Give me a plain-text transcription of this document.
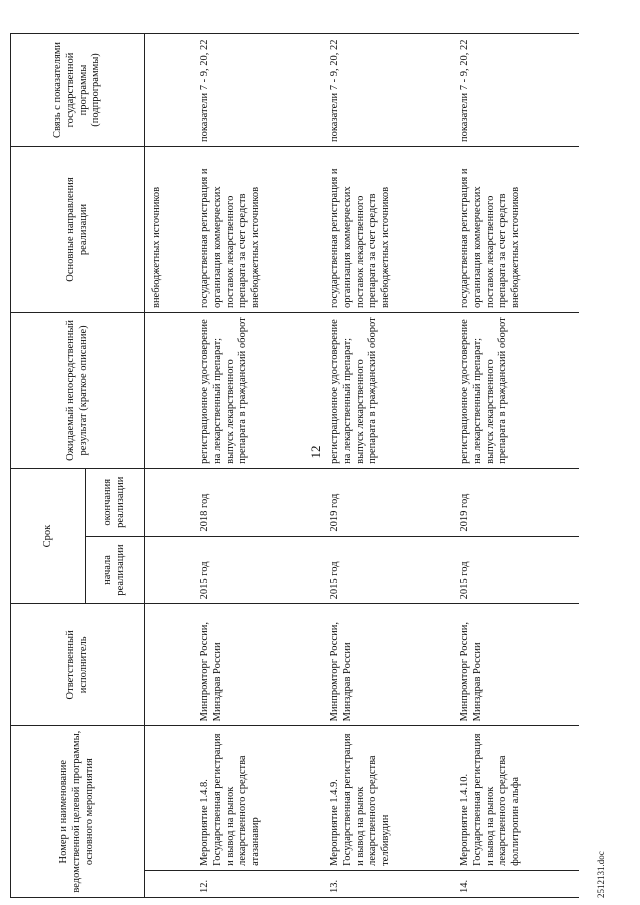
12
2512131.doc
Номер и наименование ведомственной целевой программы, основного мероприятия		Ответственный исполнитель	Срок		Ожидаемый непосредственный результат (краткое описание)	Основные направления реализации	Связь с показателями государственной программы (подпрограммы)
			начала реализации	окончания реализации			
						внебюджетных источников	
12.	Мероприятие 1.4.8. Государственная регистрация и вывод на рынок лекарственного средства атазанавир	Минпромторг России, Минздрав России	2015 год	2018 год	регистрационное удостоверение на лекарственный препарат; выпуск лекарственного препарата в гражданский оборот	государственная регистрация и организация коммерческих поставок лекарственного препарата за счет средств внебюджетных источников	показатели 7 - 9, 20, 22
13.	Мероприятие 1.4.9. Государственная регистрация и вывод на рынок лекарственного средства телбивудин	Минпромторг России, Минздрав России	2015 год	2019 год	регистрационное удостоверение на лекарственный препарат; выпуск лекарственного препарата в гражданский оборот	государственная регистрация и организация коммерческих поставок лекарственного препарата за счет средств внебюджетных источников	показатели 7 - 9, 20, 22
14.	Мероприятие 1.4.10. Государственная регистрация и вывод на рынок лекарственного средства фоллитропин альфа	Минпромторг России, Минздрав России	2015 год	2019 год	регистрационное удостоверение на лекарственный препарат; выпуск лекарственного препарата в гражданский оборот	государственная регистрация и организация коммерческих поставок лекарственного препарата за счет средств внебюджетных источников	показатели 7 - 9, 20, 22
